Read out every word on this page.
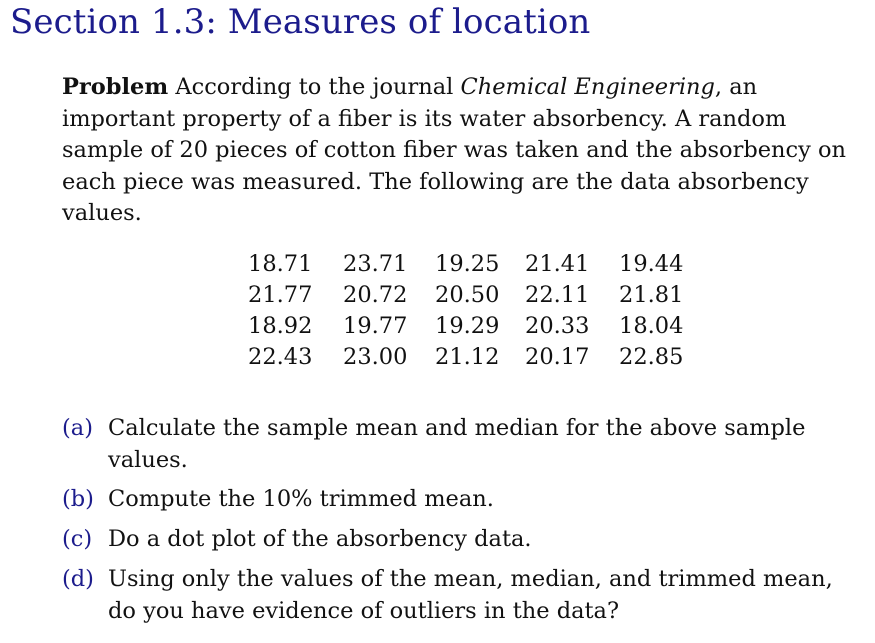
Section 1.3: Measures of location
Problem According to the journal Chemical Engineering, an important property of a fiber is its water absorbency. A random sample of 20 pieces of cotton fiber was taken and the absorbency on each piece was measured. The following are the data absorbency values.
18.71	23.71	19.25	21.41	19.44
21.77	20.72	20.50	22.11	21.81
18.92	19.77	19.29	20.33	18.04
22.43	23.00	21.12	20.17	22.85
(a) Calculate the sample mean and median for the above sample values.
(b) Compute the 10% trimmed mean.
(c) Do a dot plot of the absorbency data.
(d) Using only the values of the mean, median, and trimmed mean, do you have evidence of outliers in the data?
